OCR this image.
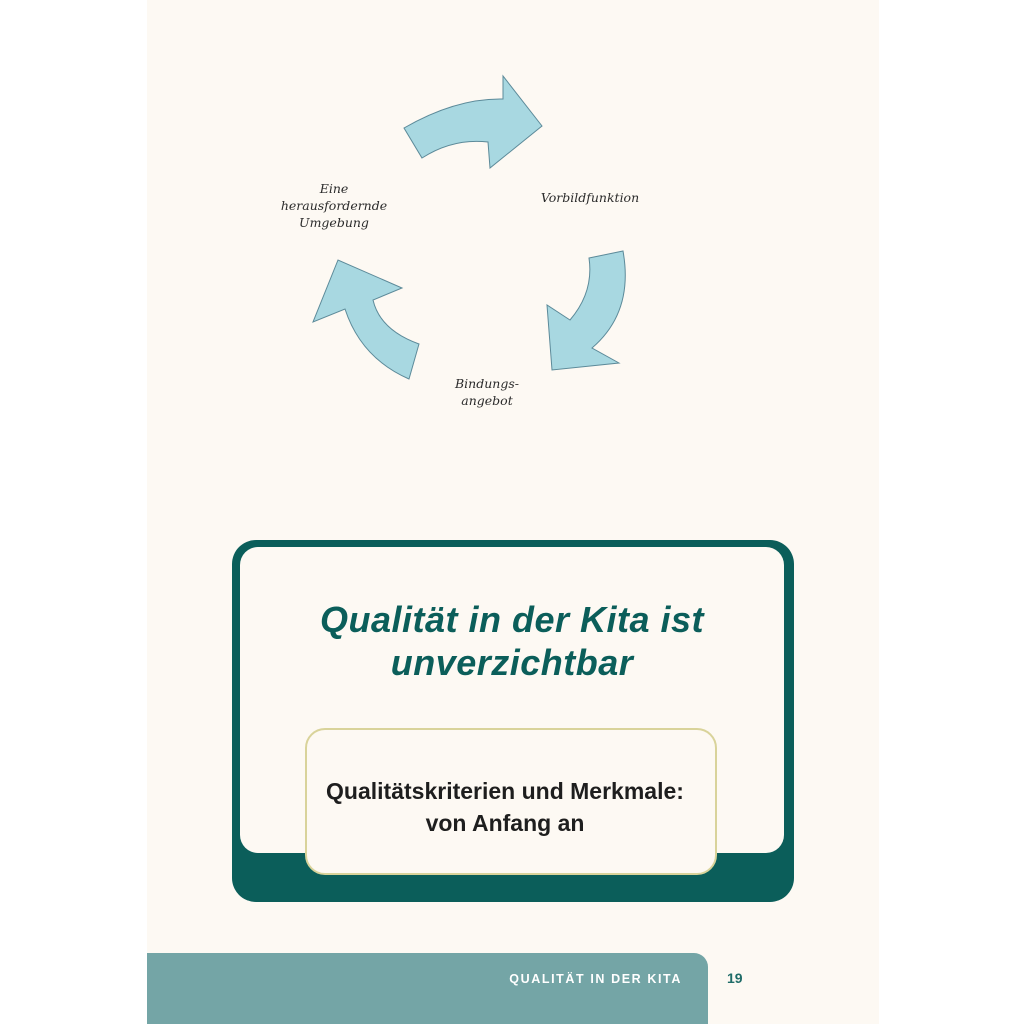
Eine herausfordernde Umgebung
Vorbildfunktion
Bindungs-
angebot
Qualität in der Kita ist unverzichtbar
Qualitätskriterien und Merkmale: von Anfang an
QUALITÄT IN DER KITA	19
